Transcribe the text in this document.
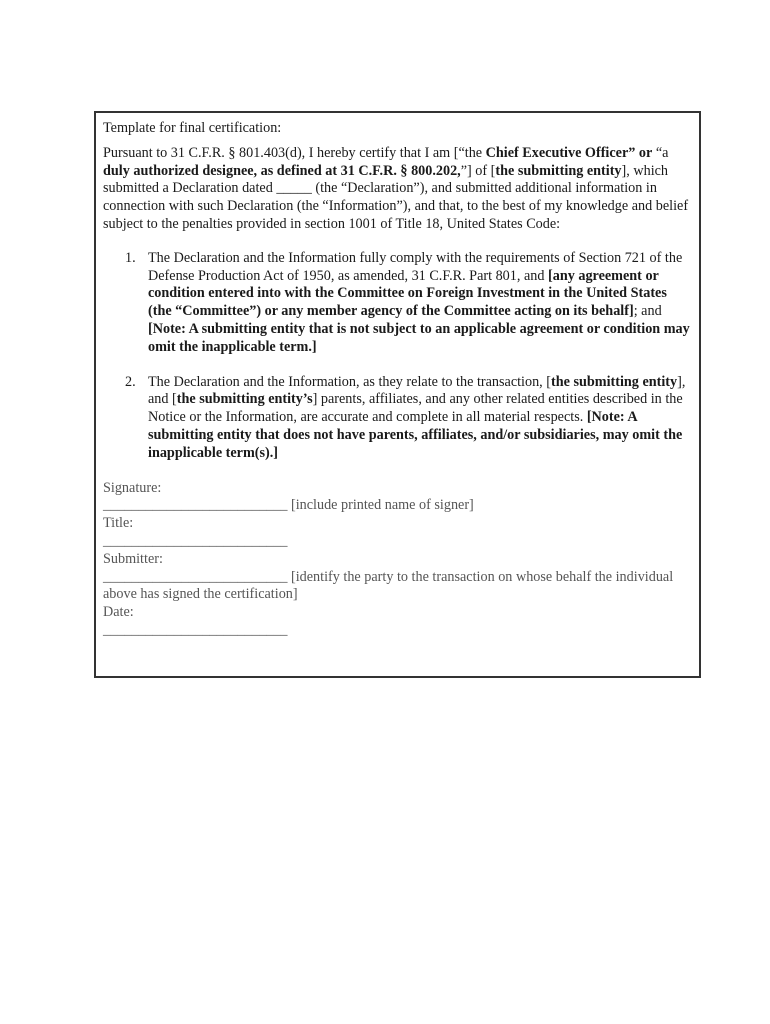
Template for final certification:

Pursuant to 31 C.F.R. § 801.403(d), I hereby certify that I am [“the Chief Executive Officer” or “a duly authorized designee, as defined at 31 C.F.R. § 800.202,”] of [the submitting entity], which submitted a Declaration dated _____ (the “Declaration”), and submitted additional information in connection with such Declaration (the “Information”), and that, to the best of my knowledge and belief subject to the penalties provided in section 1001 of Title 18, United States Code:

1. The Declaration and the Information fully comply with the requirements of Section 721 of the Defense Production Act of 1950, as amended, 31 C.F.R. Part 801, and [any agreement or condition entered into with the Committee on Foreign Investment in the United States (the “Committee”) or any member agency of the Committee acting on its behalf]; and [Note: A submitting entity that is not subject to an applicable agreement or condition may omit the inapplicable term.]
2. The Declaration and the Information, as they relate to the transaction, [the submitting entity], and [the submitting entity’s] parents, affiliates, and any other related entities described in the Notice or the Information, are accurate and complete in all material respects. [Note: A submitting entity that does not have parents, affiliates, and/or subsidiaries, may omit the inapplicable term(s).]

Signature:

__________________________ [include printed name of signer]

Title:

__________________________

Submitter:

__________________________ [identify the party to the transaction on whose behalf the individual above has signed the certification]

Date:

__________________________
